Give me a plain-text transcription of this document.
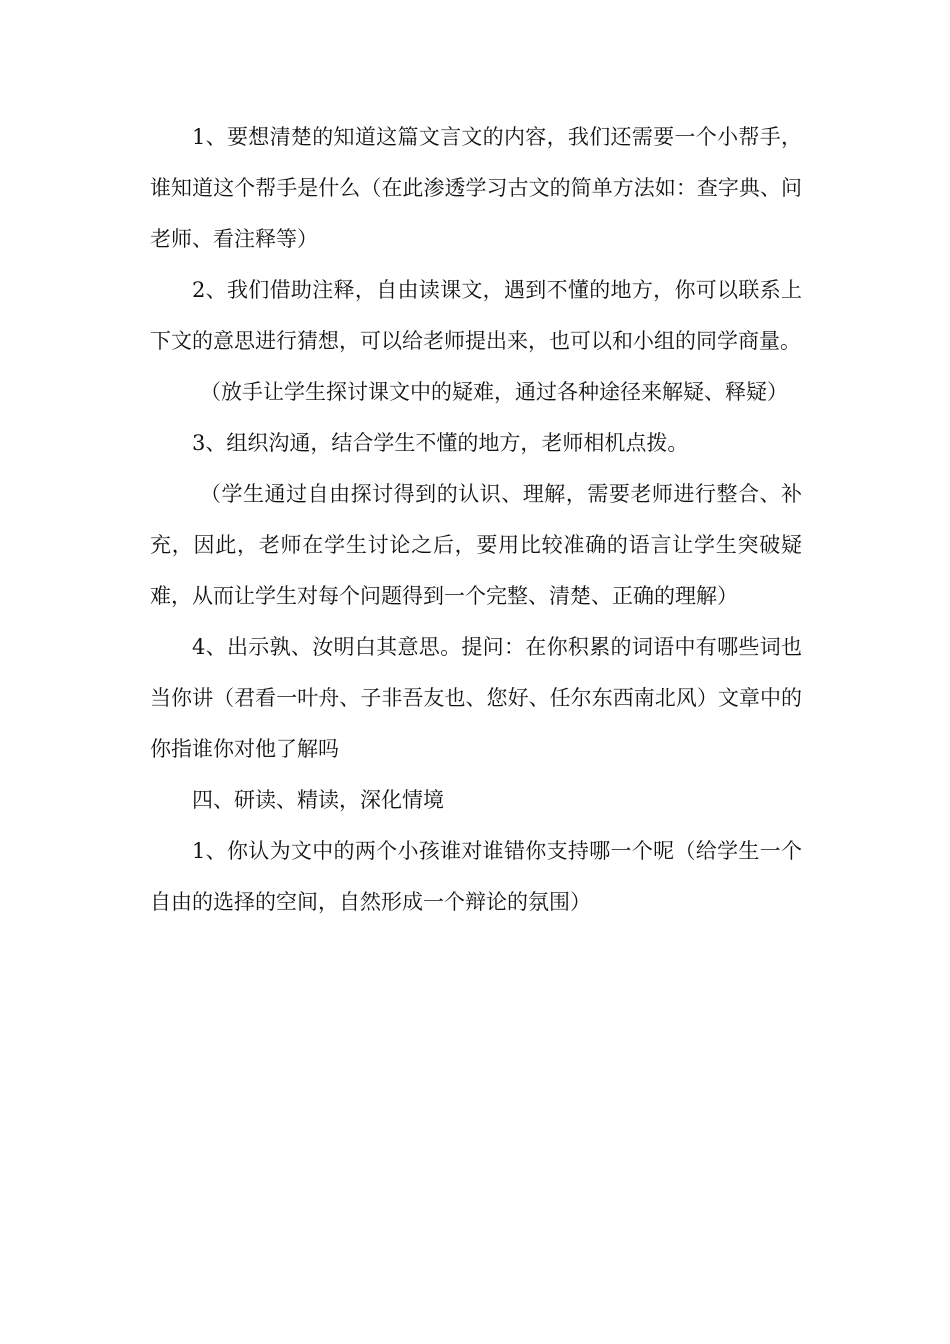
1、要想清楚的知道这篇文言文的内容，我们还需要一个小帮手，谁知道这个帮手是什么（在此渗透学习古文的简单方法如：查字典、问老师、看注释等）

2、我们借助注释，自由读课文，遇到不懂的地方，你可以联系上下文的意思进行猜想，可以给老师提出来，也可以和小组的同学商量。

（放手让学生探讨课文中的疑难，通过各种途径来解疑、释疑）

3、组织沟通，结合学生不懂的地方，老师相机点拨。

（学生通过自由探讨得到的认识、理解，需要老师进行整合、补充，因此，老师在学生讨论之后，要用比较准确的语言让学生突破疑难，从而让学生对每个问题得到一个完整、清楚、正确的理解）

4、出示孰、汝明白其意思。提问：在你积累的词语中有哪些词也当你讲（君看一叶舟、子非吾友也、您好、任尔东西南北风）文章中的你指谁你对他了解吗

四、研读、精读，深化情境

1、你认为文中的两个小孩谁对谁错你支持哪一个呢（给学生一个自由的选择的空间，自然形成一个辩论的氛围）
